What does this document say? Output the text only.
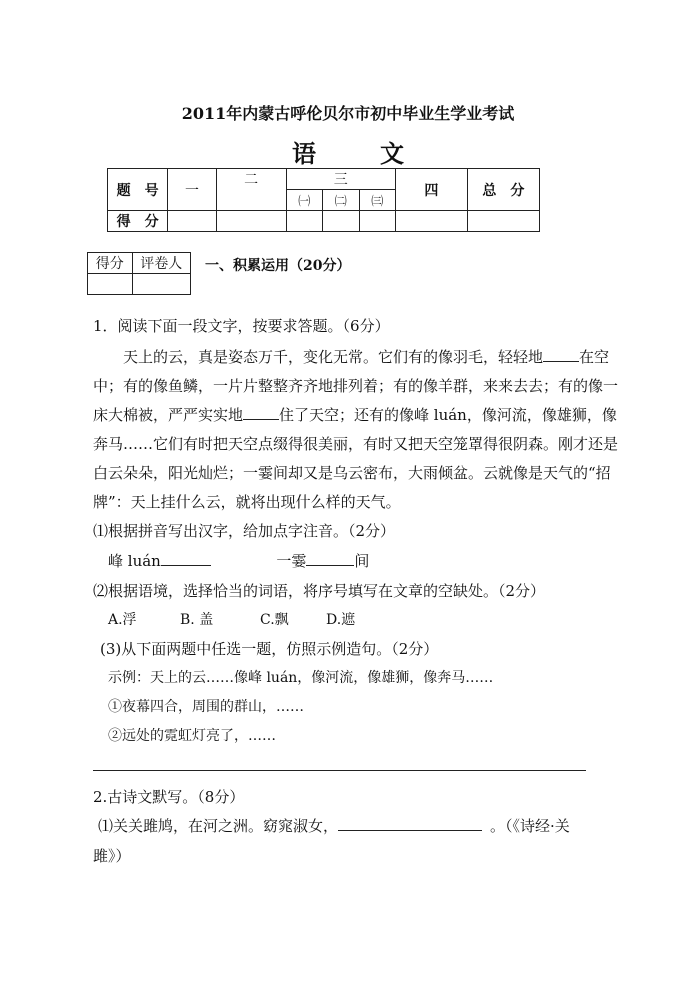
2011年内蒙古呼伦贝尔市初中毕业生学业考试
语　文
题　号	一	二	三			四	总　分
			㈠	㈡	㈢		
得　分							
得分	评卷人
	一、积累运用（20分）
1．阅读下面一段文字，按要求答题。（6分）
天上的云，真是姿态万千，变化无常。它们有的像羽毛，轻轻地 在空
中；有的像鱼鳞，一片片整整齐齐地排列着；有的像羊群，来来去去；有的像一
床大棉被，严严实实地 住了天空；还有的像峰 luán，像河流，像雄狮，像
奔马……它们有时把天空点缀得很美丽，有时又把天空笼罩得很阴森。刚才还是
白云朵朵，阳光灿烂；一霎间却又是乌云密布，大雨倾盆。云就像是天气的“招
牌”：天上挂什么云，就将出现什么样的天气。
⑴根据拼音写出汉字，给加点字注音。（2分）
峰 luán	一霎	间
⑵根据语境，选择恰当的词语，将序号填写在文章的空缺处。（2分）
A.浮	B. 盖	C.飘	D.遮
(3)从下面两题中任选一题，仿照示例造句。（2分）
示例：天上的云……像峰 luán，像河流，像雄狮，像奔马……
①夜幕四合，周围的群山，……
②远处的霓虹灯亮了，……
2.古诗文默写。（8分）
⑴关关雎鸠，在河之洲。窈窕淑女，	。（《诗经·关
雎》）
